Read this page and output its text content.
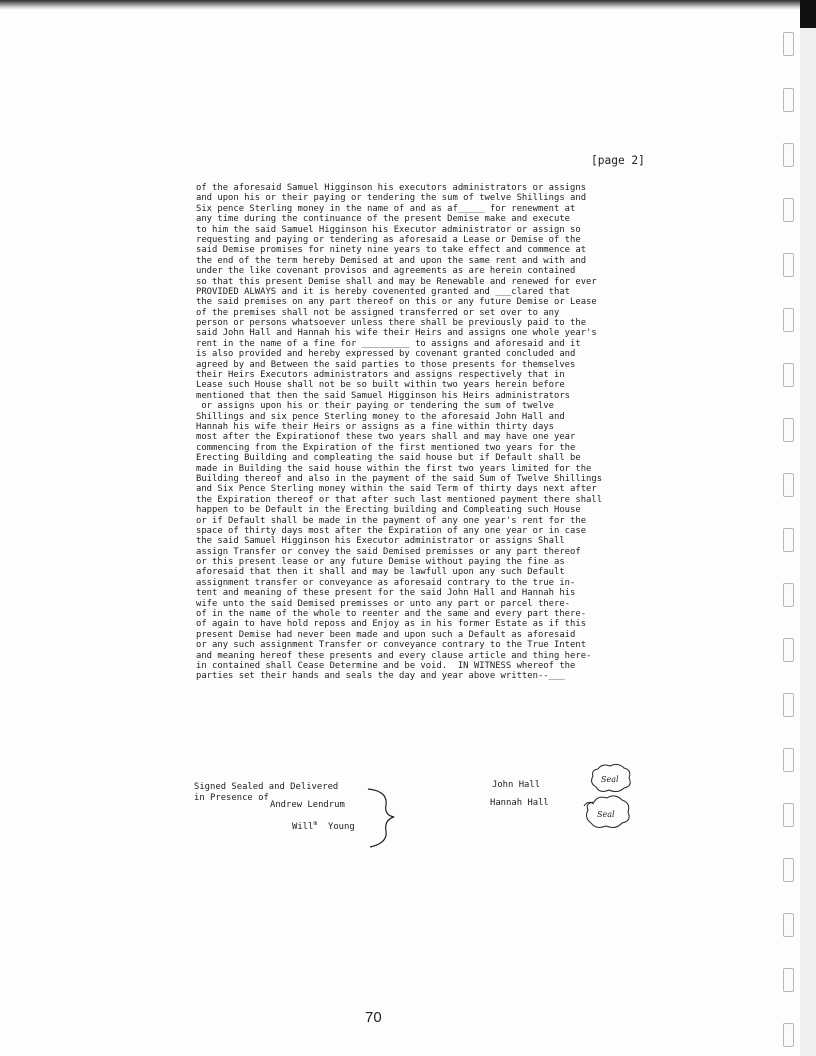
[page 2]
of the aforesaid Samuel Higginson his executors administrators or assigns
and upon his or their paying or tendering the sum of twelve Shillings and
Six pence Sterling money in the name of and as af_____ for renewment at
any time during the continuance of the present Demise make and execute
to him the said Samuel Higginson his Executor administrator or assign so
requesting and paying or tendering as aforesaid a Lease or Demise of the
said Demise promises for ninety nine years to take effect and commence at
the end of the term hereby Demised at and upon the same rent and with and
under the like covenant provisos and agreements as are herein contained
so that this present Demise shall and may be Renewable and renewed for ever
PROVIDED ALWAYS and it is hereby covenented granted and ___clared that
the said premises on any part thereof on this or any future Demise or Lease
of the premises shall not be assigned transferred or set over to any
person or persons whatsoever unless there shall be previously paid to the
said John Hall and Hannah his wife their Heirs and assigns one whole year's
rent in the name of a fine for _________ to assigns and aforesaid and it
is also provided and hereby expressed by covenant granted concluded and
agreed by and Between the said parties to those presents for themselves
their Heirs Executors administrators and assigns respectively that in
Lease such House shall not be so built within two years herein before
mentioned that then the said Samuel Higginson his Heirs administrators
or assigns upon his or their paying or tendering the sum of twelve
Shillings and six pence Sterling money to the aforesaid John Hall and
Hannah his wife their Heirs or assigns as a fine within thirty days
most after the Expirationof these two years shall and may have one year
commencing from the Expiration of the first mentioned two years for the
Erecting Building and compleating the said house but if Default shall be
made in Building the said house within the first two years limited for the
Building thereof and also in the payment of the said Sum of Twelve Shillings
and Six Pence Sterling money within the said Term of thirty days next after
the Expiration thereof or that after such last mentioned payment there shall
happen to be Default in the Erecting building and Compleating such House
or if Default shall be made in the payment of any one year's rent for the
space of thirty days most after the Expiration of any one year or in case
the said Samuel Higginson his Executor administrator or assigns Shall
assign Transfer or convey the said Demised premisses or any part thereof
or this present lease or any future Demise without paying the fine as
aforesaid that then it shall and may be lawfull upon any such Default
assignment transfer or conveyance as aforesaid contrary to the true in-
tent and meaning of these present for the said John Hall and Hannah his
wife unto the said Demised premisses or unto any part or parcel there-
of in the name of the whole to reenter and the same and every part there-
of again to have hold reposs and Enjoy as in his former Estate as if this
present Demise had never been made and upon such a Default as aforesaid
or any such assignment Transfer or conveyance contrary to the True Intent
and meaning hereof these presents and every clause article and thing here-
in contained shall Cease Determine and be void.  IN WITNESS whereof the
parties set their hands and seals the day and year above written--___
Signed Sealed and Delivered
in Presence of
Andrew Lendrum
Will$^m$ Young
John Hall
Hannah Hall
Seal
Seal
70
